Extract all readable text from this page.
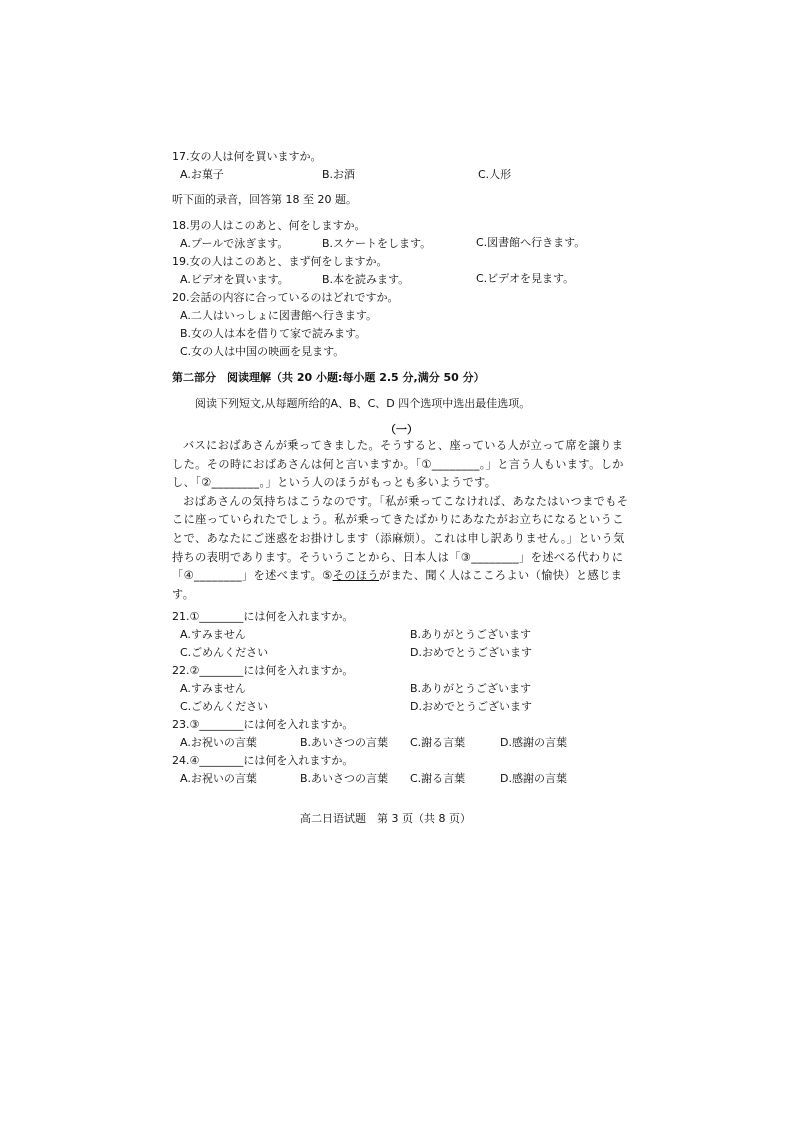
17.女の人は何を買いますか。
A.お菓子	B.お酒	C.人形
听下面的录音，回答第 18 至 20 题。
18.男の人はこのあと、何をしますか。
A.プールで泳ぎます。	B.スケートをします。	C.図書館へ行きます。
19.女の人はこのあと、まず何をしますか。
A.ビデオを買います。	B.本を読みます。	C.ビデオを見ます。
20.会話の内容に合っているのはどれですか。
A.二人はいっしょに図書館へ行きます。
B.女の人は本を借りて家で読みます。
C.女の人は中国の映画を見ます。
第二部分　阅读理解（共 20 小题:每小题 2.5 分,满分 50 分）
阅读下列短文,从每题所给的A、B、C、D 四个选项中选出最佳选项。
（一）

バスにおばあさんが乗ってきました。そうすると、座っている人が立って席を譲りました。その時におばあさんは何と言いますか。「①________。」と言う人もいます。しかし、「②________。」という人のほうがもっとも多いようです。

おばあさんの気持ちはこうなのです。「私が乗ってこなければ、あなたはいつまでもそこに座っていられたでしょう。私が乗ってきたばかりにあなたがお立ちになるということで、あなたにご迷惑をお掛けします（添麻烦）。これは申し訳ありません。」という気持ちの表明であります。そういうことから、日本人は「③________」を述べる代わりに「④________」を述べます。⑤そのほうがまた、聞く人はこころよい（愉快）と感じます。

21.①________には何を入れますか。
A.すみません	B.ありがとうございます
C.ごめんください	D.おめでとうございます
22.②________には何を入れますか。
A.すみません	B.ありがとうございます
C.ごめんください	D.おめでとうございます
23.③________には何を入れますか。
A.お祝いの言葉	B.あいさつの言葉 C.謝る言葉	D.感謝の言葉
24.④________には何を入れますか。
A.お祝いの言葉	B.あいさつの言葉 C.謝る言葉	D.感謝の言葉
高二日语试题　第 3 页（共 8 页）
